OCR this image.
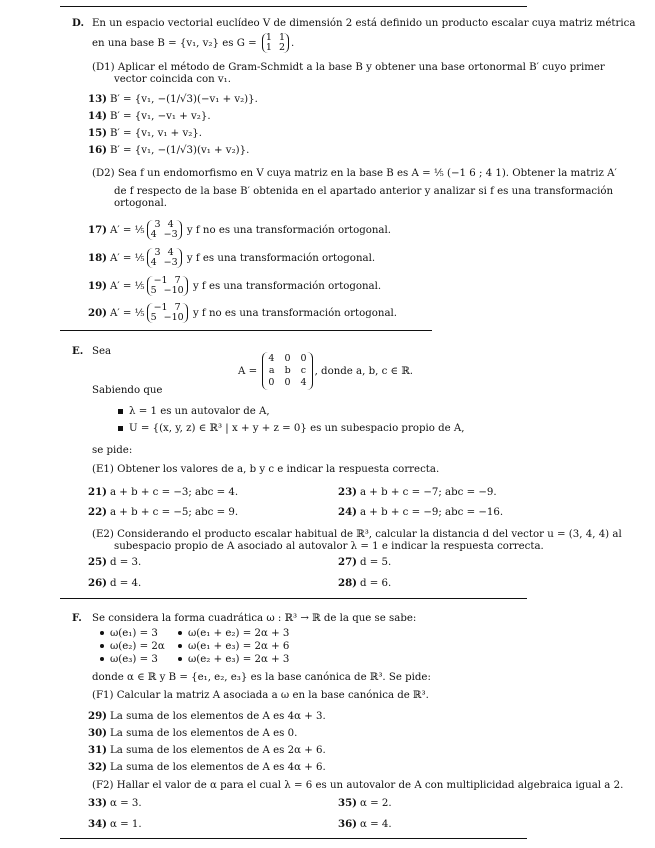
D. En un espacio vectorial euclídeo V de dimensión 2 está definido un producto escalar cuya matriz métrica
en una base B = {v₁, v₂} es G =
1 1
1 2 .
(D1) Aplicar el método de Gram-Schmidt a la base B y obtener una base ortonormal B′ cuyo primer
vector coincida con v₁.
13) B′ = {v₁, −(1/√3)(−v₁ + v₂)}.
14) B′ = {v₁, −v₁ + v₂}.
15) B′ = {v₁, v₁ + v₂}.
16) B′ = {v₁, −(1/√3)(v₁ + v₂)}.
(D2) Sea f un endomorfismo en V cuya matriz en la base B es A = ⅕ (−1 6 ; 4 1). Obtener la matriz A′
de f respecto de la base B′ obtenida en el apartado anterior y analizar si f es una transformación
ortogonal.
17) A′ = ⅕
3 4
4 −3 y f no es una transformación ortogonal.
18) A′ = ⅕
3 4
4 −3 y f es una transformación ortogonal.
19) A′ = ⅕
−1 7
5 −10 y f es una transformación ortogonal.
20) A′ = ⅕
−1 7
5 −10 y f no es una transformación ortogonal.
E. Sea
A =
4 0 0
a b c
0 0 4
, donde a, b, c ∈ ℝ.
Sabiendo que
λ = 1 es un autovalor de A,
U = {(x, y, z) ∈ ℝ³ | x + y + z = 0} es un subespacio propio de A,
se pide:
(E1) Obtener los valores de a, b y c e indicar la respuesta correcta.
21) a + b + c = −3; abc = 4.	23) a + b + c = −7; abc = −9.
22) a + b + c = −5; abc = 9.	24) a + b + c = −9; abc = −16.
(E2) Considerando el producto escalar habitual de ℝ³, calcular la distancia d del vector u = (3, 4, 4) al
subespacio propio de A asociado al autovalor λ = 1 e indicar la respuesta correcta.
25) d = 3.	27) d = 5.
26) d = 4.	28) d = 6.
F. Se considera la forma cuadrática ω : ℝ³ → ℝ de la que se sabe:
ω(e₁) = 3	ω(e₁ + e₂) = 2α + 3
ω(e₂) = 2α	ω(e₁ + e₃) = 2α + 6
ω(e₃) = 3	ω(e₂ + e₃) = 2α + 3
donde α ∈ ℝ y B = {e₁, e₂, e₃} es la base canónica de ℝ³. Se pide:
(F1) Calcular la matriz A asociada a ω en la base canónica de ℝ³.
29) La suma de los elementos de A es 4α + 3.
30) La suma de los elementos de A es 0.
31) La suma de los elementos de A es 2α + 6.
32) La suma de los elementos de A es 4α + 6.
(F2) Hallar el valor de α para el cual λ = 6 es un autovalor de A con multiplicidad algebraica igual a 2.
33) α = 3.	35) α = 2.
34) α = 1.	36) α = 4.
